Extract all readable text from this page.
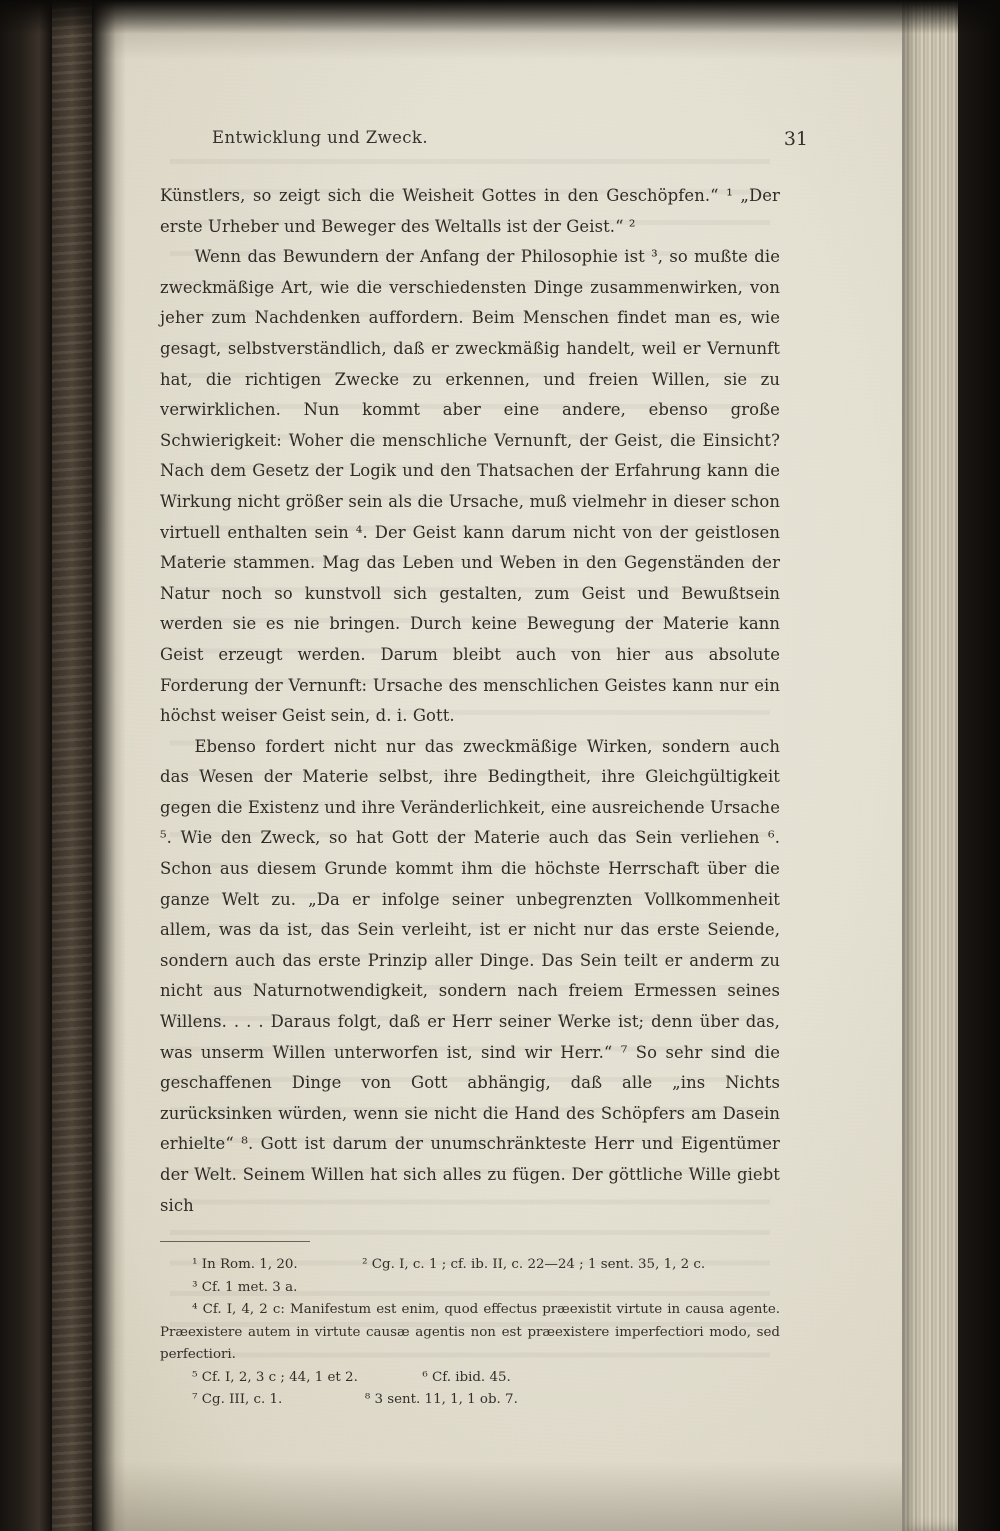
Entwicklung und Zweck.	31

Künstlers, so zeigt sich die Weisheit Gottes in den Geschöpfen.“ ¹ „Der erste Urheber und Beweger des Weltalls ist der Geist.“ ²

Wenn das Bewundern der Anfang der Philosophie ist ³, so mußte die zweckmäßige Art, wie die verschiedensten Dinge zusammenwirken, von jeher zum Nachdenken auffordern. Beim Menschen findet man es, wie gesagt, selbstverständlich, daß er zweckmäßig handelt, weil er Vernunft hat, die richtigen Zwecke zu erkennen, und freien Willen, sie zu verwirklichen. Nun kommt aber eine andere, ebenso große Schwierigkeit: Woher die menschliche Vernunft, der Geist, die Einsicht? Nach dem Gesetz der Logik und den Thatsachen der Erfahrung kann die Wirkung nicht größer sein als die Ursache, muß vielmehr in dieser schon virtuell enthalten sein ⁴. Der Geist kann darum nicht von der geistlosen Materie stammen. Mag das Leben und Weben in den Gegenständen der Natur noch so kunstvoll sich gestalten, zum Geist und Bewußtsein werden sie es nie bringen. Durch keine Bewegung der Materie kann Geist erzeugt werden. Darum bleibt auch von hier aus absolute Forderung der Vernunft: Ursache des menschlichen Geistes kann nur ein höchst weiser Geist sein, d. i. Gott.

Ebenso fordert nicht nur das zweckmäßige Wirken, sondern auch das Wesen der Materie selbst, ihre Bedingtheit, ihre Gleichgültigkeit gegen die Existenz und ihre Veränderlichkeit, eine ausreichende Ursache ⁵. Wie den Zweck, so hat Gott der Materie auch das Sein verliehen ⁶. Schon aus diesem Grunde kommt ihm die höchste Herrschaft über die ganze Welt zu. „Da er infolge seiner unbegrenzten Vollkommenheit allem, was da ist, das Sein verleiht, ist er nicht nur das erste Seiende, sondern auch das erste Prinzip aller Dinge. Das Sein teilt er anderm zu nicht aus Naturnotwendigkeit, sondern nach freiem Ermessen seines Willens. . . . Daraus folgt, daß er Herr seiner Werke ist; denn über das, was unserm Willen unterworfen ist, sind wir Herr.“ ⁷ So sehr sind die geschaffenen Dinge von Gott abhängig, daß alle „ins Nichts zurücksinken würden, wenn sie nicht die Hand des Schöpfers am Dasein erhielte“ ⁸. Gott ist darum der unumschränkteste Herr und Eigentümer der Welt. Seinem Willen hat sich alles zu fügen. Der göttliche Wille giebt sich

¹ In Rom. 1, 20.	² Cg. I, c. 1 ; cf. ib. II, c. 22—24 ; 1 sent. 35, 1, 2 c.

³ Cf. 1 met. 3 a.

⁴ Cf. I, 4, 2 c: Manifestum est enim, quod effectus præexistit virtute in causa agente. Præexistere autem in virtute causæ agentis non est præexistere imperfectiori modo, sed perfectiori.

⁵ Cf. I, 2, 3 c ; 44, 1 et 2.	⁶ Cf. ibid. 45.

⁷ Cg. III, c. 1.	⁸ 3 sent. 11, 1, 1 ob. 7.
